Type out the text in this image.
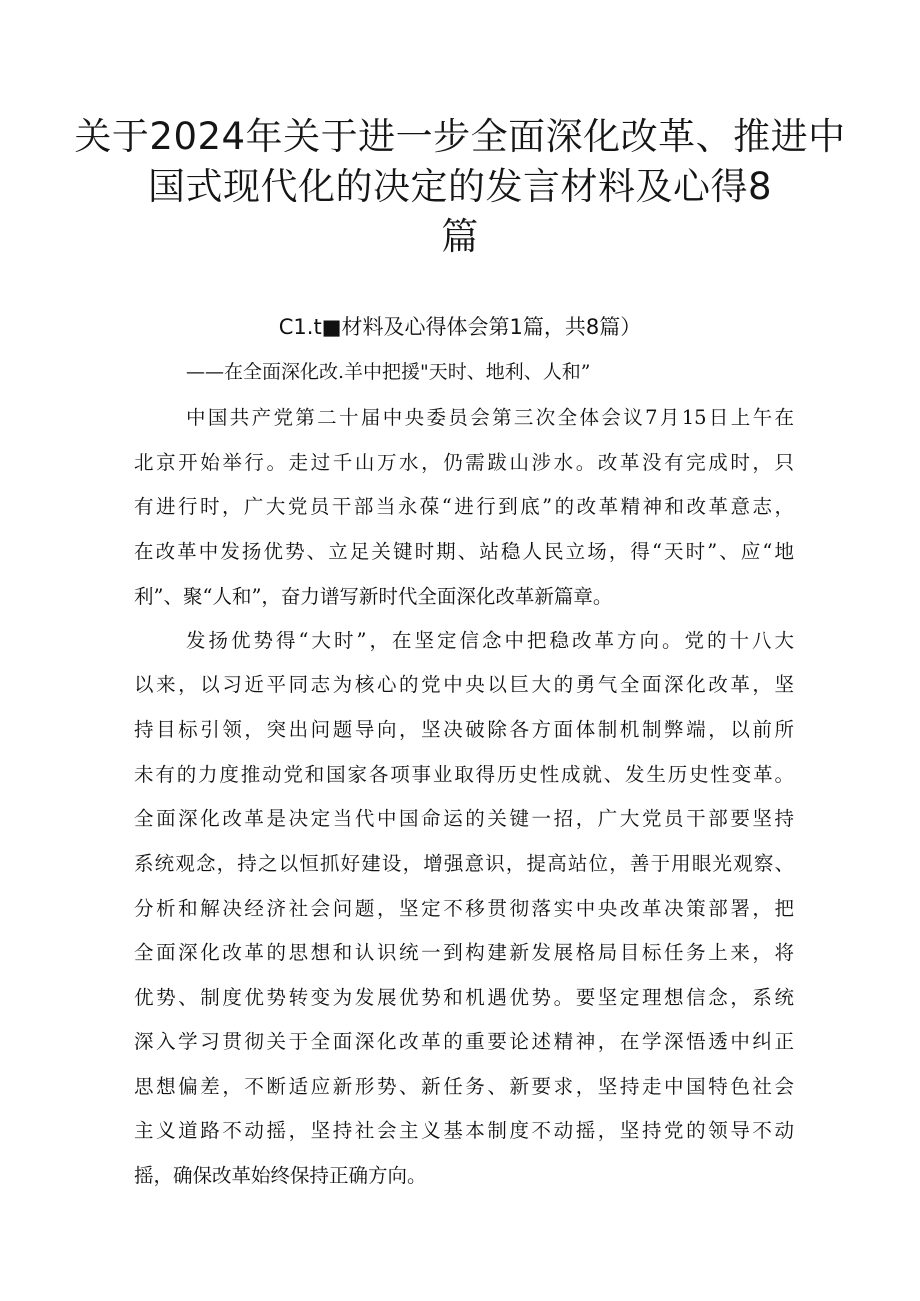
关于2024年关于进一步全面深化改革、推进中
国式现代化的决定的发言材料及心得8
篇
C1.t■材料及心得体会第1篇，共8篇）
——在全面深化改.羊中把援"天时、地利、人和”
中国共产党第二十届中央委员会第三次全体会议7月15日上午在
北京开始举行。走过千山万水，仍需跋山涉水。改革没有完成时，只
有进行时，广大党员干部当永葆“进行到底”的改革精神和改革意志，
在改革中发扬优势、立足关键时期、站稳人民立场，得“天时”、应“地
利”、聚“人和”，奋力谱写新时代全面深化改革新篇章。
发扬优势得“大时”，在坚定信念中把稳改革方向。党的十八大
以来，以习近平同志为核心的党中央以巨大的勇气全面深化改革，坚
持目标引领，突出问题导向，坚决破除各方面体制机制弊端，以前所
未有的力度推动党和国家各项事业取得历史性成就、发生历史性变革。
全面深化改革是决定当代中国命运的关键一招，广大党员干部要坚持
系统观念，持之以恒抓好建设，增强意识，提高站位，善于用眼光观察、
分析和解决经济社会问题，坚定不移贯彻落实中央改革决策部署，把
全面深化改革的思想和认识统一到构建新发展格局目标任务上来，将
优势、制度优势转变为发展优势和机遇优势。要坚定理想信念，系统
深入学习贯彻关于全面深化改革的重要论述精神，在学深悟透中纠正
思想偏差，不断适应新形势、新任务、新要求，坚持走中国特色社会
主义道路不动摇，坚持社会主义基本制度不动摇，坚持党的领导不动
摇，确保改革始终保持正确方向。
